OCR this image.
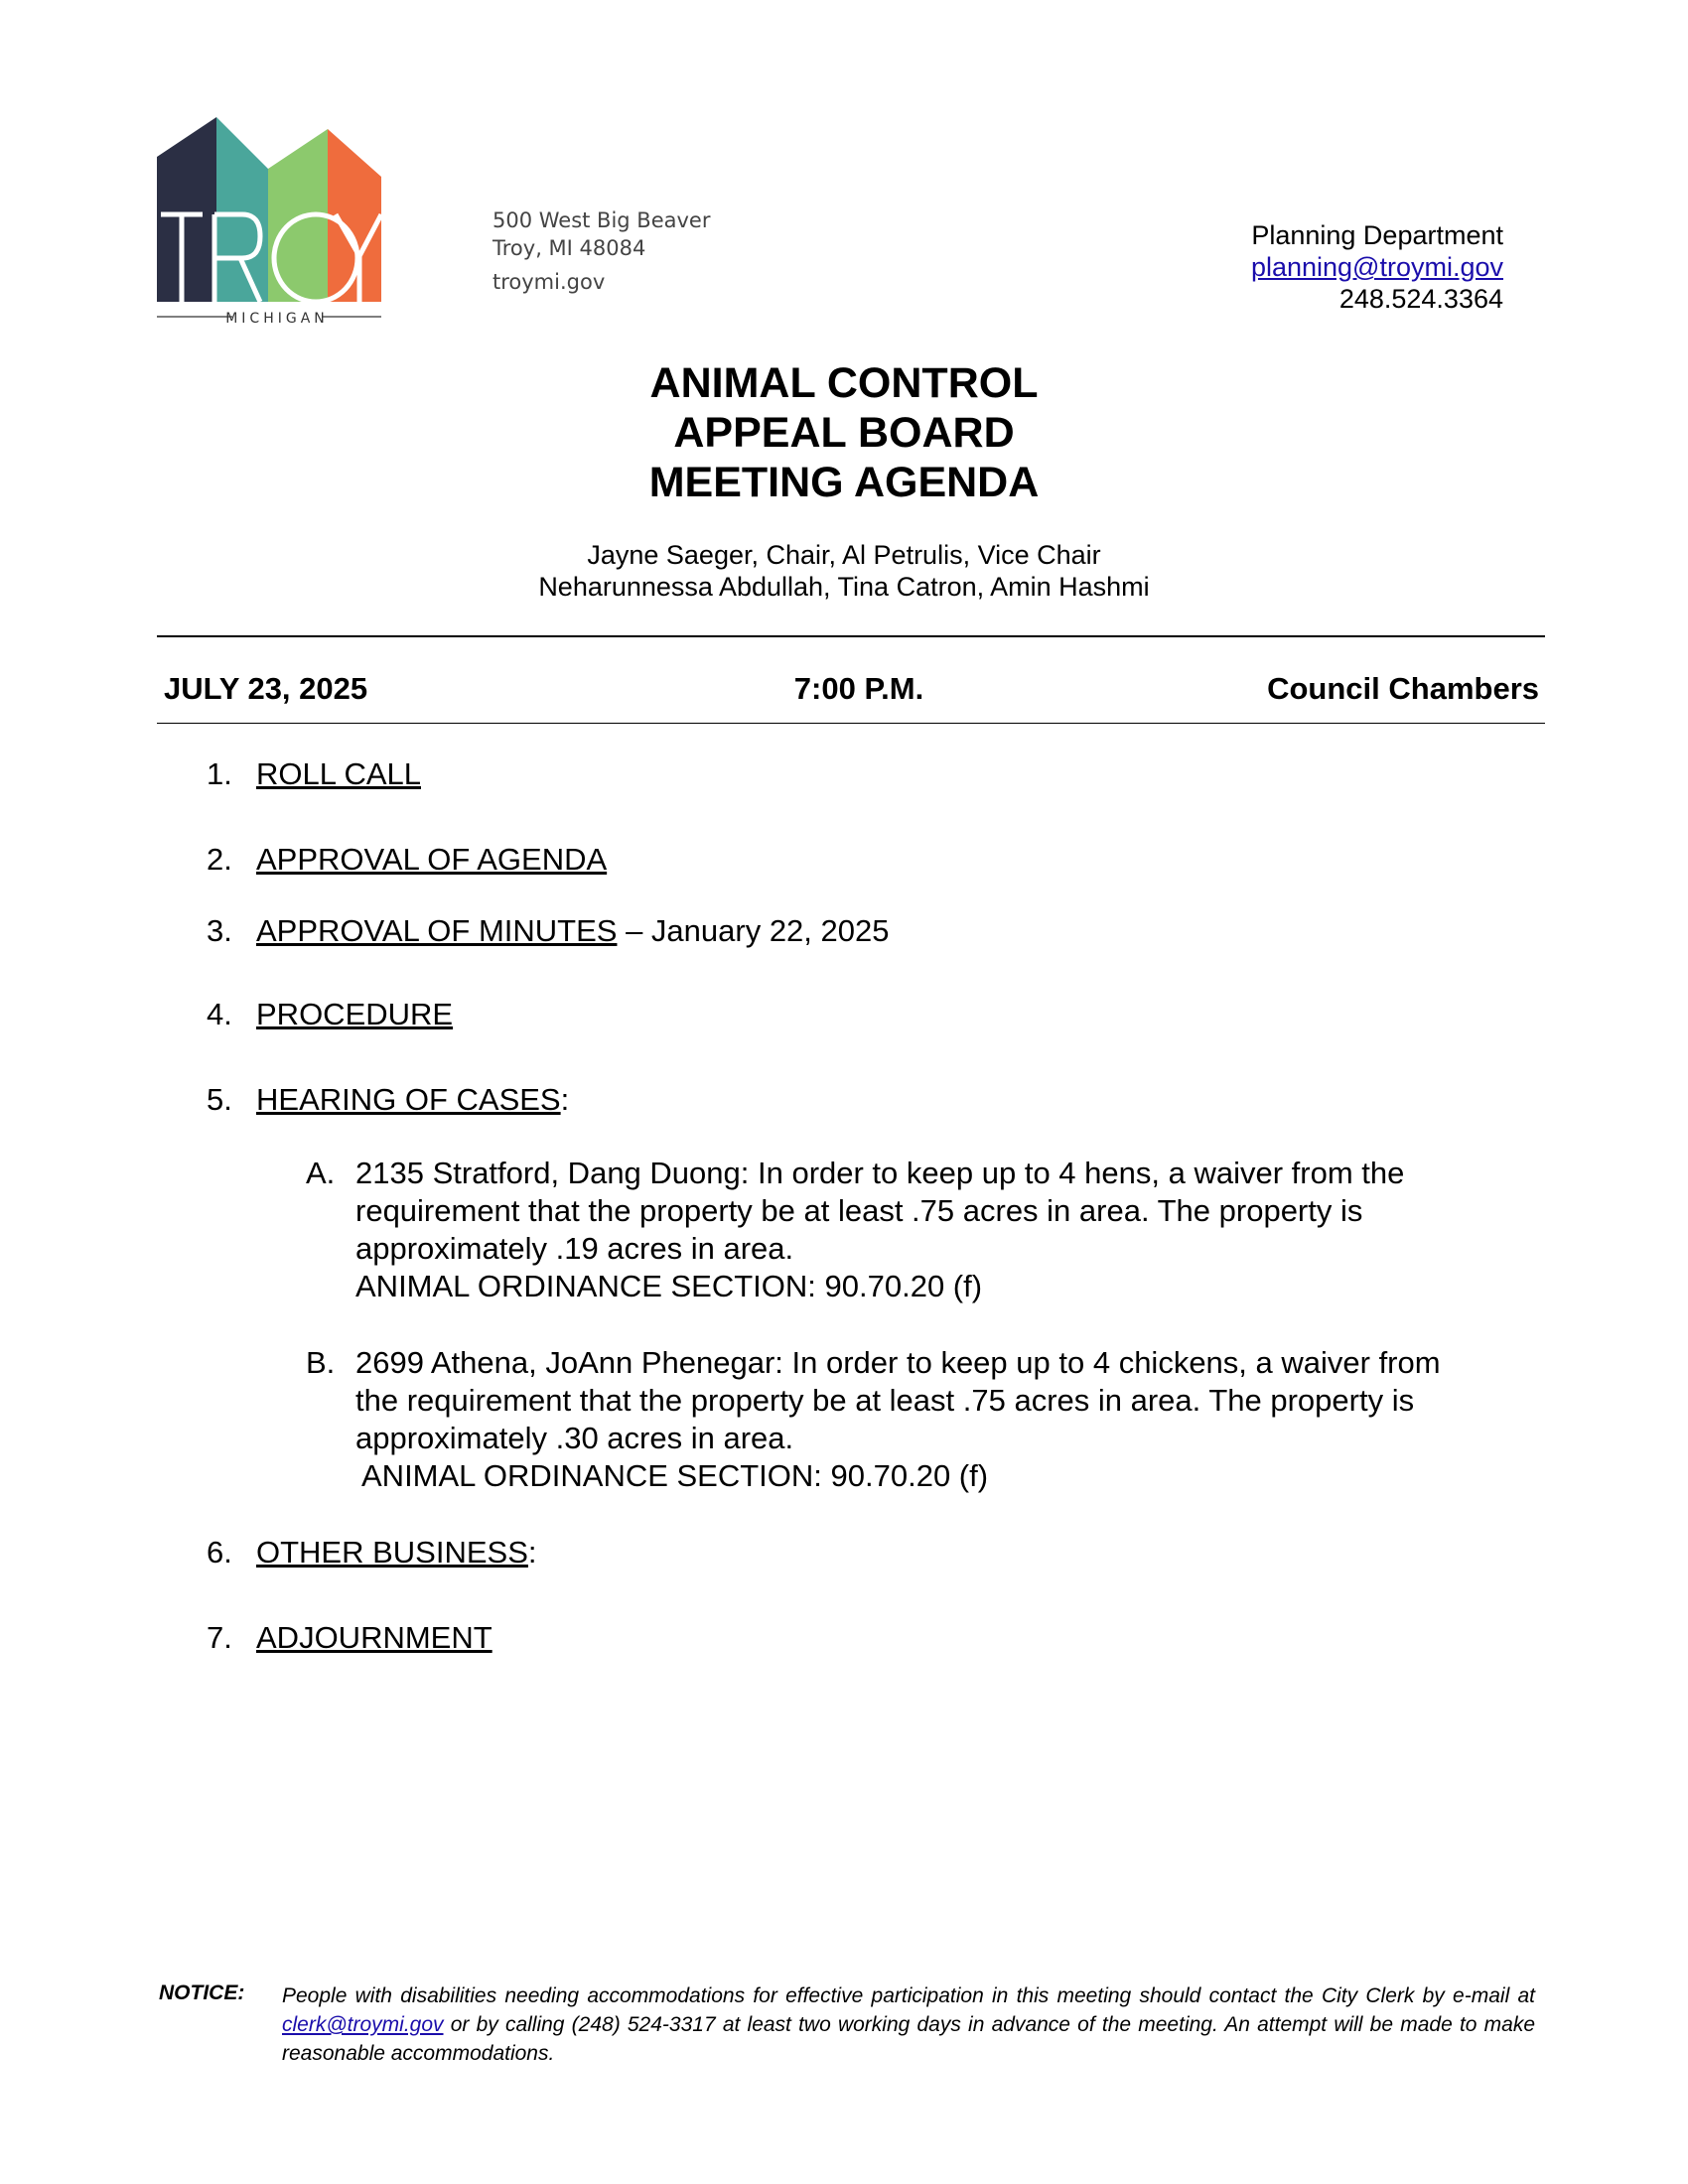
MICHIGAN
500 West Big Beaver
Troy, MI 48084
troymi.gov
Planning Department
planning@troymi.gov
248.524.3364
ANIMAL CONTROL
APPEAL BOARD
MEETING AGENDA
Jayne Saeger, Chair, Al Petrulis, Vice Chair
Neharunnessa Abdullah, Tina Catron, Amin Hashmi
JULY 23, 2025	7:00 P.M.	Council Chambers
1. ROLL CALL
2. APPROVAL OF AGENDA
3. APPROVAL OF MINUTES – January 22, 2025
4. PROCEDURE
5. HEARING OF CASES:
A. 2135 Stratford, Dang Duong: In order to keep up to 4 hens, a waiver from the
requirement that the property be at least .75 acres in area. The property is
approximately .19 acres in area.
ANIMAL ORDINANCE SECTION: 90.70.20 (f)
B. 2699 Athena, JoAnn Phenegar: In order to keep up to 4 chickens, a waiver from
the requirement that the property be at least .75 acres in area. The property is
approximately .30 acres in area.
ANIMAL ORDINANCE SECTION: 90.70.20 (f)
6. OTHER BUSINESS:
7. ADJOURNMENT
NOTICE: People with disabilities needing accommodations for effective participation in this meeting should contact the City Clerk by e-mail at clerk@troymi.gov or by calling (248) 524-3317 at least two working days in advance of the meeting. An attempt will be made to make reasonable accommodations.
